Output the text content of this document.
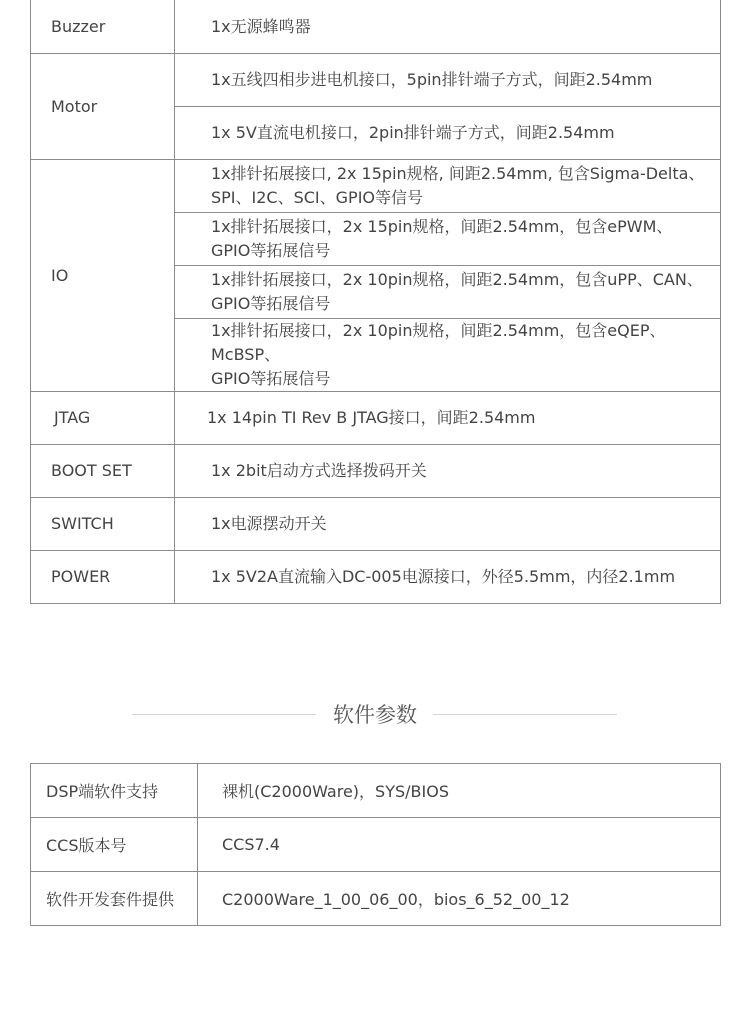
Buzzer	1x无源蜂鸣器
Motor	1x五线四相步进电机接口，5pin排针端子方式，间距2.54mm
	1x 5V直流电机接口，2pin排针端子方式，间距2.54mm
IO	1x排针拓展接口, 2x 15pin规格, 间距2.54mm, 包含Sigma-Delta、
SPI、I2C、SCI、GPIO等信号

	1x排针拓展接口，2x 15pin规格，间距2.54mm，包含ePWM、
GPIO等拓展信号

	1x排针拓展接口，2x 10pin规格，间距2.54mm，包含uPP、CAN、
GPIO等拓展信号

	1x排针拓展接口，2x 10pin规格，间距2.54mm，包含eQEP、McBSP、
GPIO等拓展信号

JTAG	1x 14pin TI Rev B JTAG接口，间距2.54mm
BOOT SET	1x 2bit启动方式选择拨码开关
SWITCH	1x电源摆动开关
POWER	1x 5V2A直流输入DC-005电源接口，外径5.5mm，内径2.1mm
软件参数
DSP端软件支持	裸机(C2000Ware)，SYS/BIOS
CCS版本号	CCS7.4
软件开发套件提供	C2000Ware_1_00_06_00，bios_6_52_00_12
